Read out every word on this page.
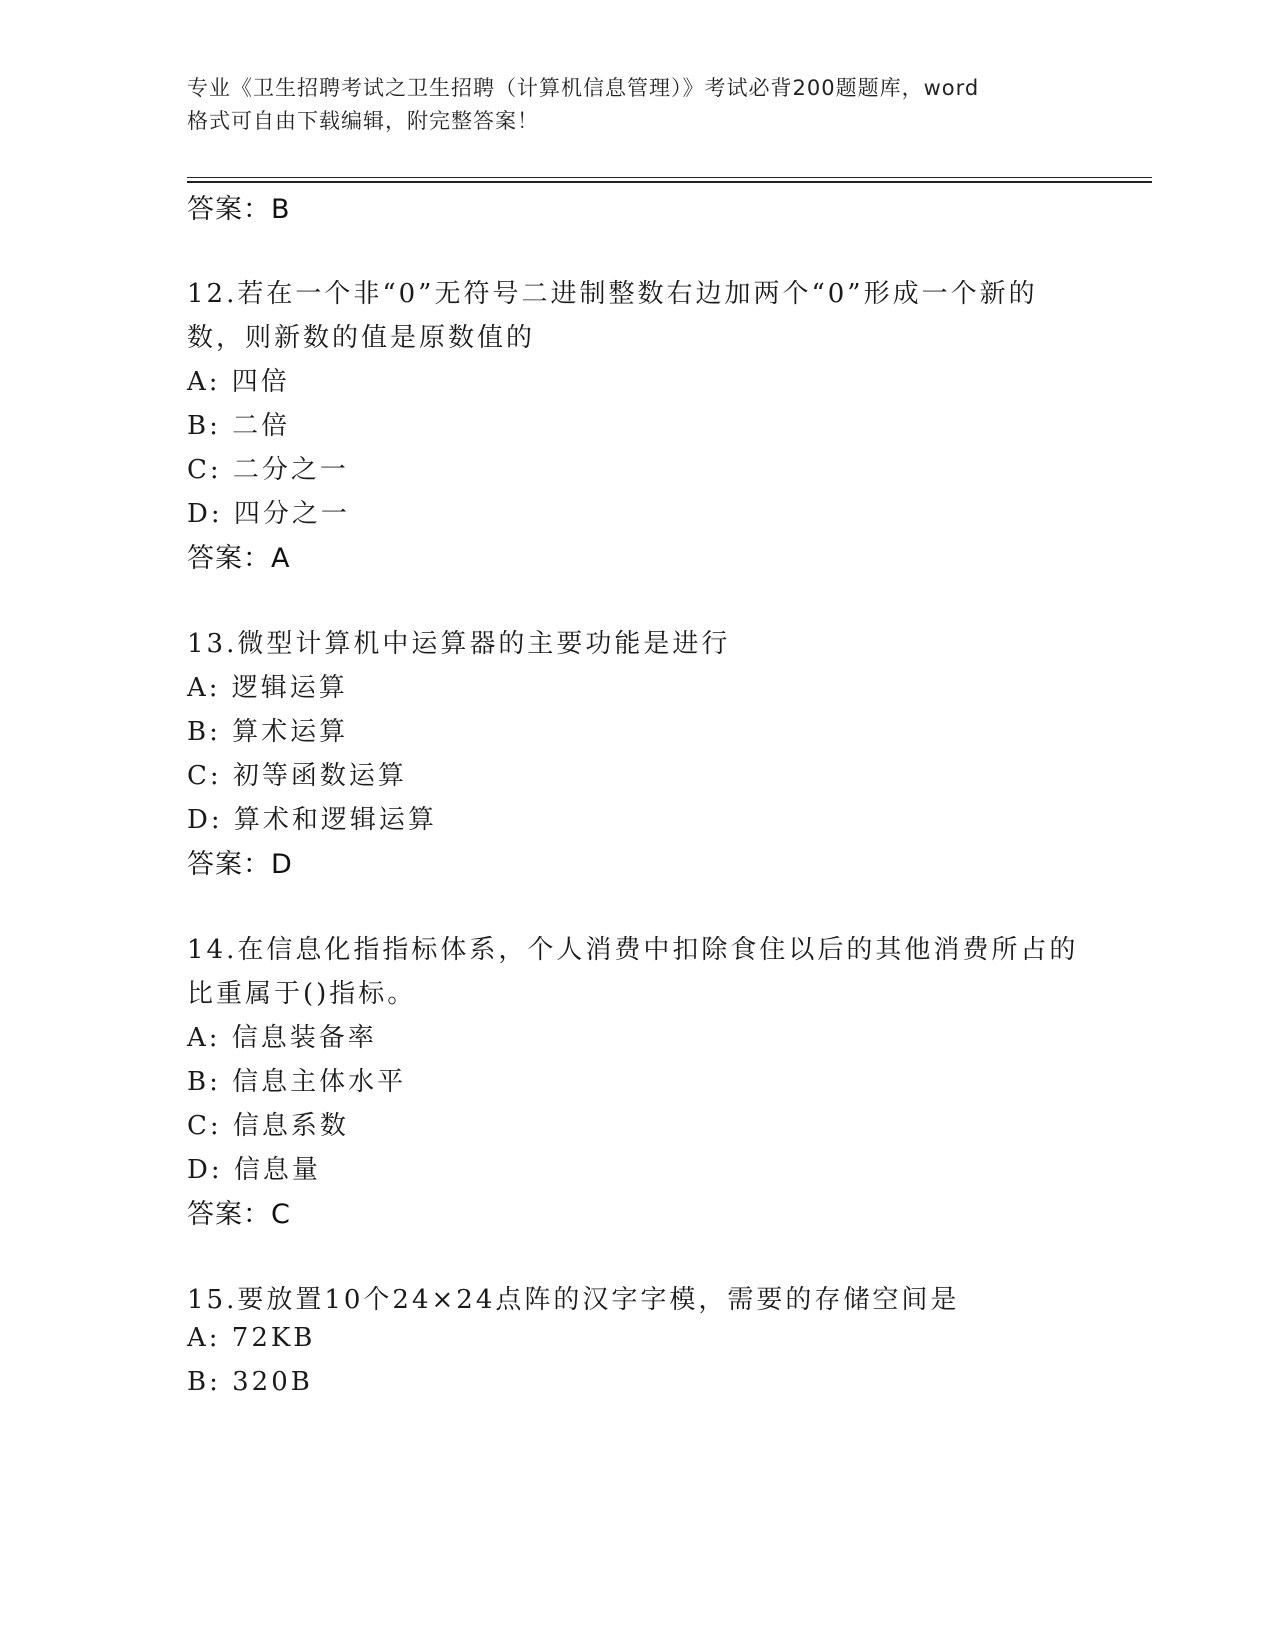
专业《卫生招聘考试之卫生招聘（计算机信息管理）》考试必背200题题库，word
格式可自由下载编辑，附完整答案！
答案：B
12.若在一个非“0”无符号二进制整数右边加两个“0”形成一个新的
数，则新数的值是原数值的
A: 四倍
B: 二倍
C: 二分之一
D: 四分之一
答案：A
13.微型计算机中运算器的主要功能是进行
A: 逻辑运算
B: 算术运算
C: 初等函数运算
D: 算术和逻辑运算
答案：D
14.在信息化指指标体系，个人消费中扣除食住以后的其他消费所占的
比重属于()指标。
A: 信息装备率
B: 信息主体水平
C: 信息系数
D: 信息量
答案：C
15.要放置10个24×24点阵的汉字字模，需要的存储空间是
A: 72KB
B: 320B
